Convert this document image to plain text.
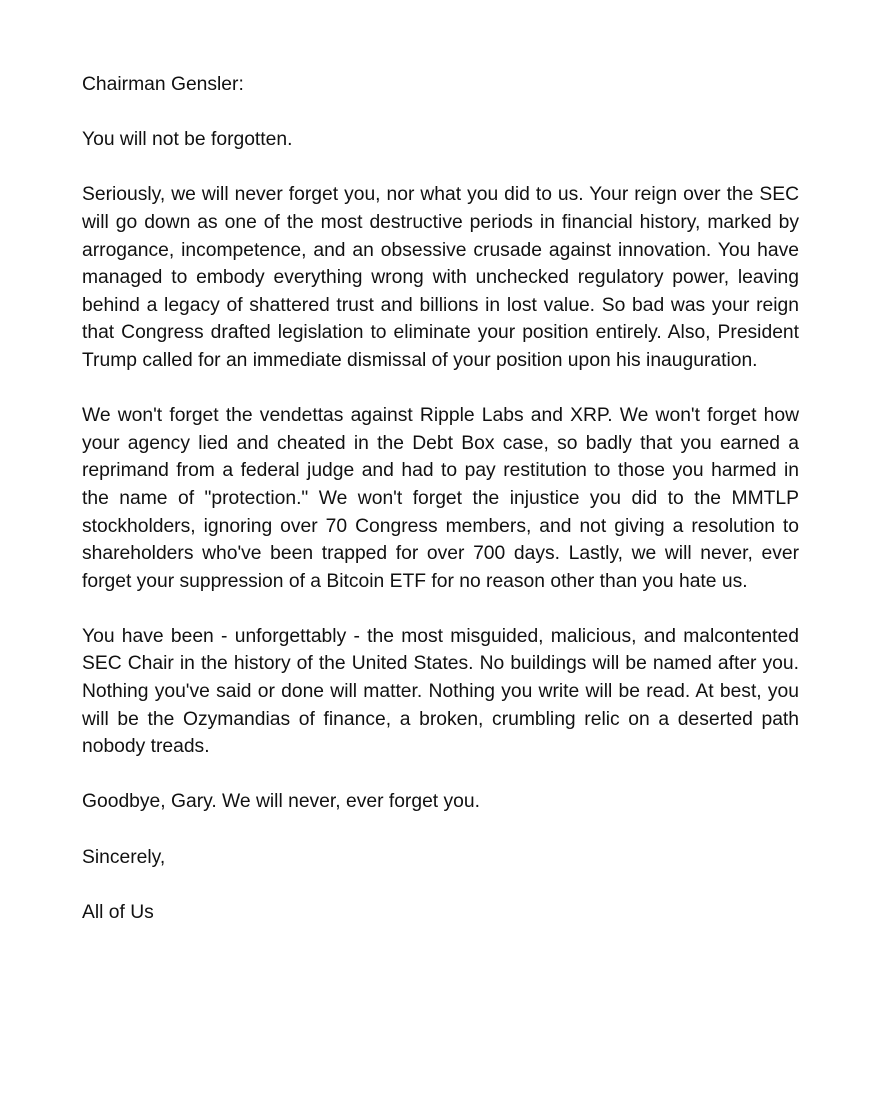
Chairman Gensler:

You will not be forgotten.

Seriously, we will never forget you, nor what you did to us. Your reign over the SEC will go down as one of the most destructive periods in financial history, marked by arrogance, incompetence, and an obsessive crusade against innovation. You have managed to embody everything wrong with unchecked regulatory power, leaving behind a legacy of shattered trust and billions in lost value. So bad was your reign that Congress drafted legislation to eliminate your position entirely. Also, President Trump called for an immediate dismissal of your position upon his inauguration.

We won't forget the vendettas against Ripple Labs and XRP. We won't forget how your agency lied and cheated in the Debt Box case, so badly that you earned a reprimand from a federal judge and had to pay restitution to those you harmed in the name of "protection." We won't forget the injustice you did to the MMTLP stockholders, ignoring over 70 Congress members, and not giving a resolution to shareholders who've been trapped for over 700 days. Lastly, we will never, ever forget your suppression of a Bitcoin ETF for no reason other than you hate us.

You have been - unforgettably - the most misguided, malicious, and malcontented SEC Chair in the history of the United States. No buildings will be named after you. Nothing you've said or done will matter. Nothing you write will be read. At best, you will be the Ozymandias of finance, a broken, crumbling relic on a deserted path nobody treads.

Goodbye, Gary. We will never, ever forget you.

Sincerely,

All of Us
